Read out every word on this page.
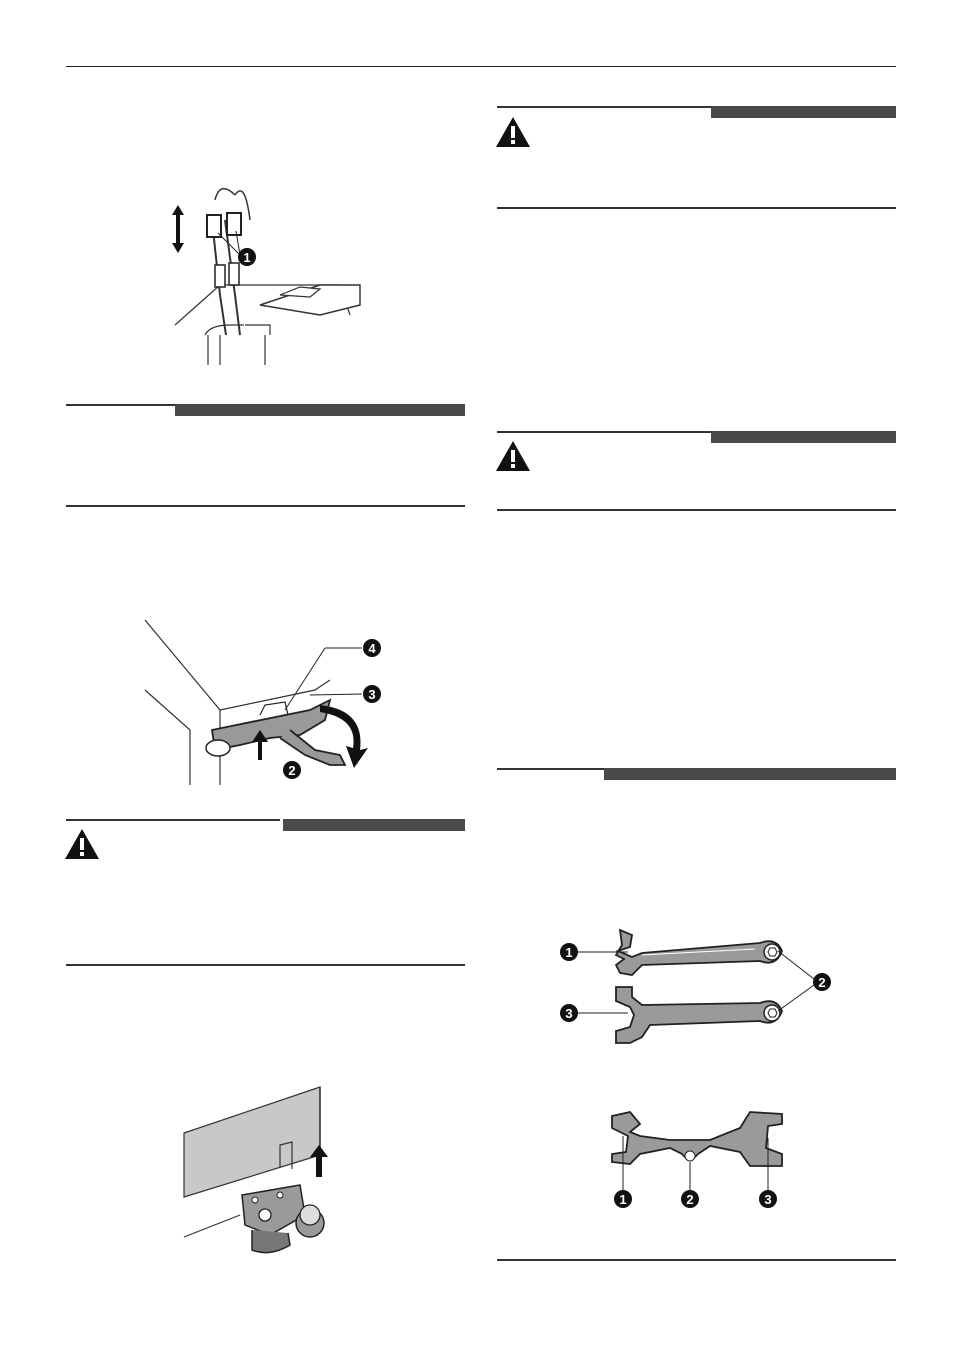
1
4
3
2
1
3
2
1	2	3
